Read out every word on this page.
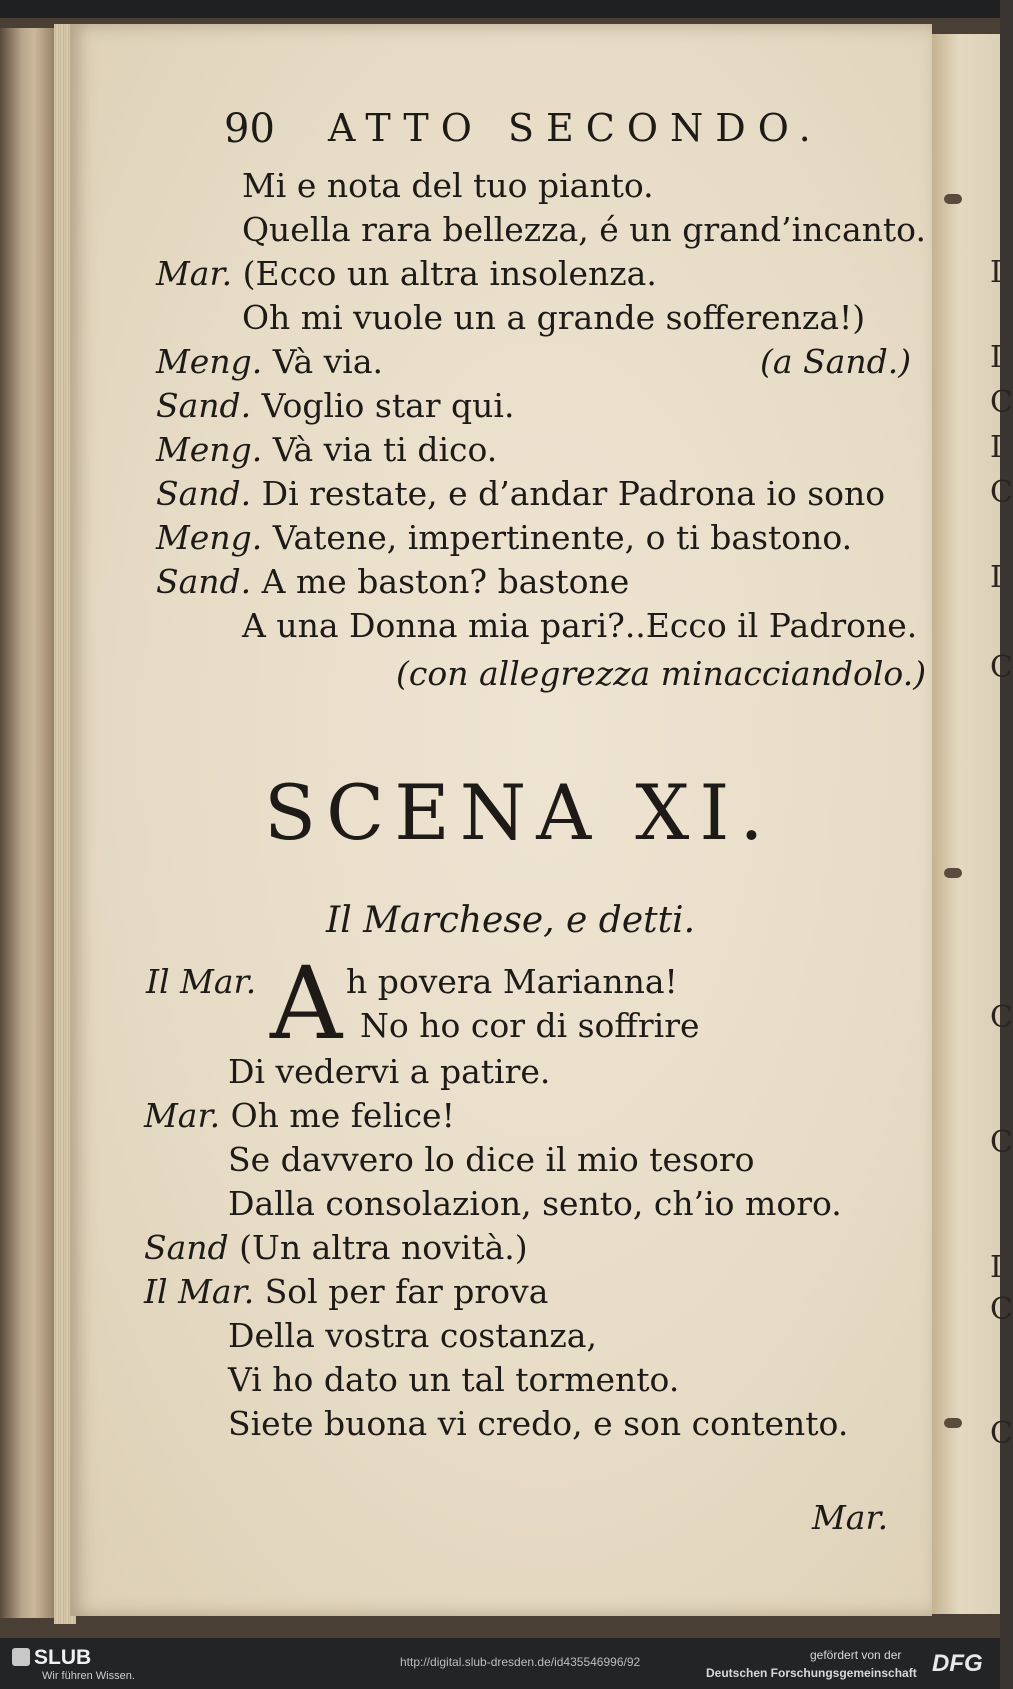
I
I
C
I
C
I
C
C
C
I
C
C
90 ATTO SECONDO.
Mi e nota del tuo pianto.
Quella rara bellezza, é un grand’incanto.
Mar. (Ecco un altra insolenza.
Oh mi vuole un a grande sofferenza!)
Meng. Và via.	(a Sand.)
Sand. Voglio star qui.
Meng. Và via ti dico.
Sand. Di restate, e d’andar Padrona io sono
Meng. Vatene, impertinente, o ti bastono.
Sand. A me baston? bastone
A una Donna mia pari?..Ecco il Padrone.
(con allegrezza minacciandolo.)
SCENA XI.
Il Marchese, e detti.
Il Mar. A h povera Marianna!
No ho cor di soffrire
Di vedervi a patire.
Mar. Oh me felice!
Se davvero lo dice il mio tesoro
Dalla consolazion, sento, ch’io moro.
Sand (Un altra novità.)
Il Mar. Sol per far prova
Della vostra costanza,
Vi ho dato un tal tormento.
Siete buona vi credo, e son contento.
Mar.
SLUB
Wir führen Wissen.
http://digital.slub-dresden.de/id435546996/92	gefördert von der
Deutschen Forschungsgemeinschaft DFG
